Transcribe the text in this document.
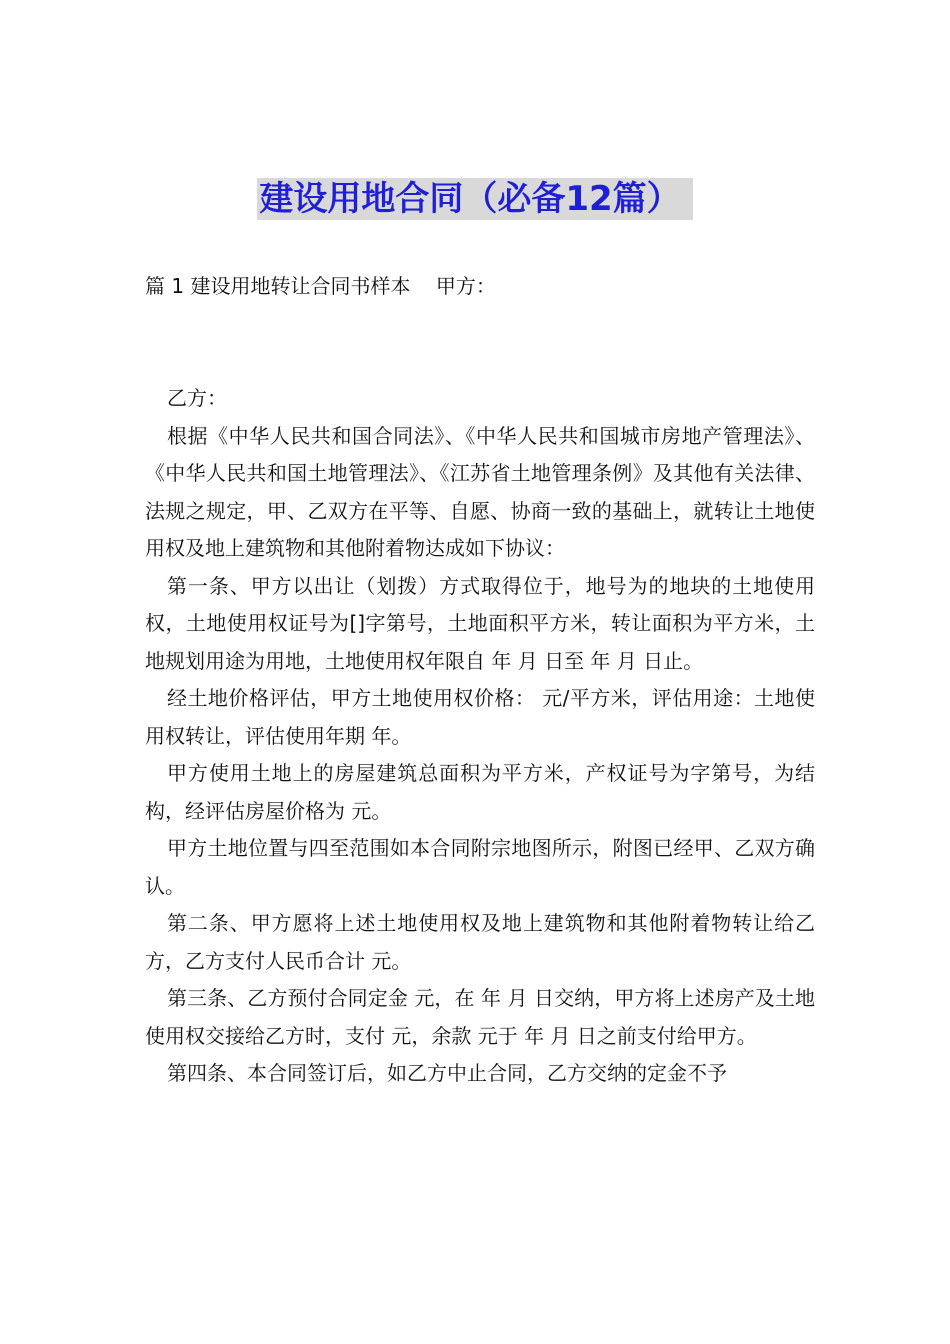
建设用地合同（必备12篇）
篇 1 建设用地转让合同书样本    甲方：

乙方：

根据《中华人民共和国合同法》、《中华人民共和国城市房地产管理法》、《中华人民共和国土地管理法》、《江苏省土地管理条例》及其他有关法律、法规之规定，甲、乙双方在平等、自愿、协商一致的基础上，就转让土地使用权及地上建筑物和其他附着物达成如下协议：

第一条、甲方以出让（划拨）方式取得位于，地号为的地块的土地使用权，土地使用权证号为[]字第号，土地面积平方米，转让面积为平方米，土地规划用途为用地，土地使用权年限自 年 月 日至 年 月 日止。

经土地价格评估，甲方土地使用权价格： 元/平方米，评估用途：土地使用权转让，评估使用年期 年。

甲方使用土地上的房屋建筑总面积为平方米，产权证号为字第号，为结构，经评估房屋价格为 元。

甲方土地位置与四至范围如本合同附宗地图所示，附图已经甲、乙双方确认。

第二条、甲方愿将上述土地使用权及地上建筑物和其他附着物转让给乙方，乙方支付人民币合计 元。

第三条、乙方预付合同定金 元，在 年 月 日交纳，甲方将上述房产及土地使用权交接给乙方时，支付 元，余款 元于 年 月 日之前支付给甲方。

第四条、本合同签订后，如乙方中止合同，乙方交纳的定金不予
